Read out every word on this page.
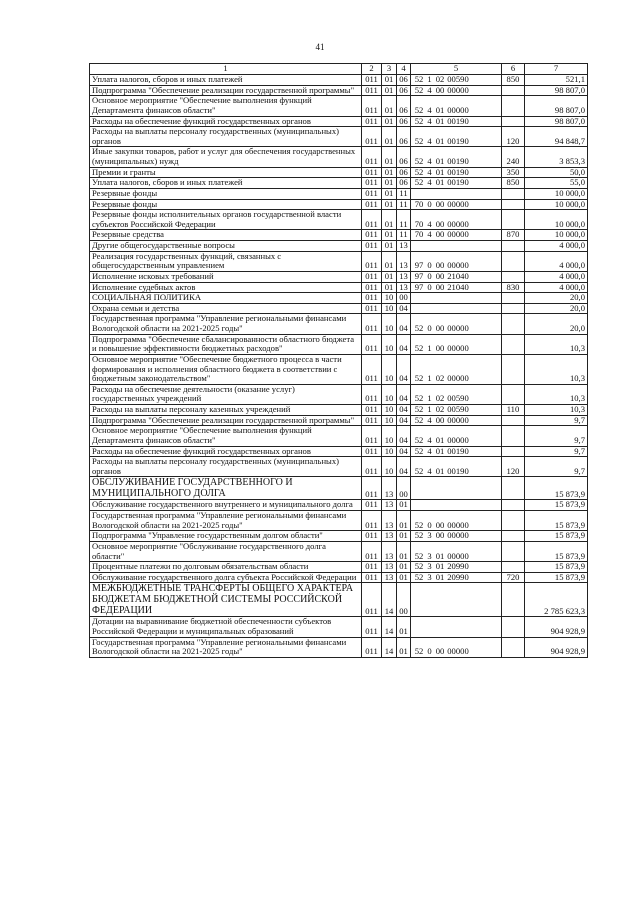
41
1	2	3	4	5	6	7
Уплата налогов, сборов и иных платежей	011	01	06	52 1 02 00590	850	521,1
Подпрограмма "Обеспечение реализации государственной программы"	011	01	06	52 4 00 00000		98 807,0
Основное мероприятие "Обеспечение выполнения функций Департамента финансов области"	011	01	06	52 4 01 00000		98 807,0
Расходы на обеспечение функций государственных органов	011	01	06	52 4 01 00190		98 807,0
Расходы на выплаты персоналу государственных (муниципальных) органов	011	01	06	52 4 01 00190	120	94 848,7
Иные закупки товаров, работ и услуг для обеспечения государственных (муниципальных) нужд	011	01	06	52 4 01 00190	240	3 853,3
Премии и гранты	011	01	06	52 4 01 00190	350	50,0
Уплата налогов, сборов и иных платежей	011	01	06	52 4 01 00190	850	55,0
Резервные фонды	011	01	11			10 000,0
Резервные фонды	011	01	11	70 0 00 00000		10 000,0
Резервные фонды исполнительных органов государственной власти субъектов Российской Федерации	011	01	11	70 4 00 00000		10 000,0
Резервные средства	011	01	11	70 4 00 00000	870	10 000,0
Другие общегосударственные вопросы	011	01	13			4 000,0
Реализация государственных функций, связанных с общегосударственным управлением	011	01	13	97 0 00 00000		4 000,0
Исполнение исковых требований	011	01	13	97 0 00 21040		4 000,0
Исполнение судебных актов	011	01	13	97 0 00 21040	830	4 000,0
СОЦИАЛЬНАЯ ПОЛИТИКА	011	10	00			20,0
Охрана семьи и детства	011	10	04			20,0
Государственная программа "Управление региональными финансами Вологодской области на 2021-2025 годы"	011	10	04	52 0 00 00000		20,0
Подпрограмма "Обеспечение сбалансированности областного бюджета и повышение эффективности бюджетных расходов"	011	10	04	52 1 00 00000		10,3
Основное мероприятие "Обеспечение бюджетного процесса в части формирования и исполнения областного бюджета в соответствии с бюджетным законодательством"	011	10	04	52 1 02 00000		10,3
Расходы на обеспечение деятельности (оказание услуг) государственных учреждений	011	10	04	52 1 02 00590		10,3
Расходы на выплаты персоналу казенных учреждений	011	10	04	52 1 02 00590	110	10,3
Подпрограмма "Обеспечение реализации государственной программы"	011	10	04	52 4 00 00000		9,7
Основное мероприятие "Обеспечение выполнения функций Департамента финансов области"	011	10	04	52 4 01 00000		9,7
Расходы на обеспечение функций государственных органов	011	10	04	52 4 01 00190		9,7
Расходы на выплаты персоналу государственных (муниципальных) органов	011	10	04	52 4 01 00190	120	9,7
ОБСЛУЖИВАНИЕ ГОСУДАРСТВЕННОГО И МУНИЦИПАЛЬНОГО ДОЛГА	011	13	00			15 873,9
Обслуживание государственного внутреннего и муниципального долга	011	13	01			15 873,9
Государственная программа "Управление региональными финансами Вологодской области на 2021-2025 годы"	011	13	01	52 0 00 00000		15 873,9
Подпрограмма "Управление государственным долгом области"	011	13	01	52 3 00 00000		15 873,9
Основное мероприятие "Обслуживание государственного долга области"	011	13	01	52 3 01 00000		15 873,9
Процентные платежи по долговым обязательствам области	011	13	01	52 3 01 20990		15 873,9
Обслуживание государственного долга субъекта Российской Федерации	011	13	01	52 3 01 20990	720	15 873,9
МЕЖБЮДЖЕТНЫЕ ТРАНСФЕРТЫ ОБЩЕГО ХАРАКТЕРА БЮДЖЕТАМ БЮДЖЕТНОЙ СИСТЕМЫ РОССИЙСКОЙ ФЕДЕРАЦИИ	011	14	00			2 785 623,3
Дотации на выравнивание бюджетной обеспеченности субъектов Российской Федерации и муниципальных образований	011	14	01			904 928,9
Государственная программа "Управление региональными финансами Вологодской области на 2021-2025 годы"	011	14	01	52 0 00 00000		904 928,9
